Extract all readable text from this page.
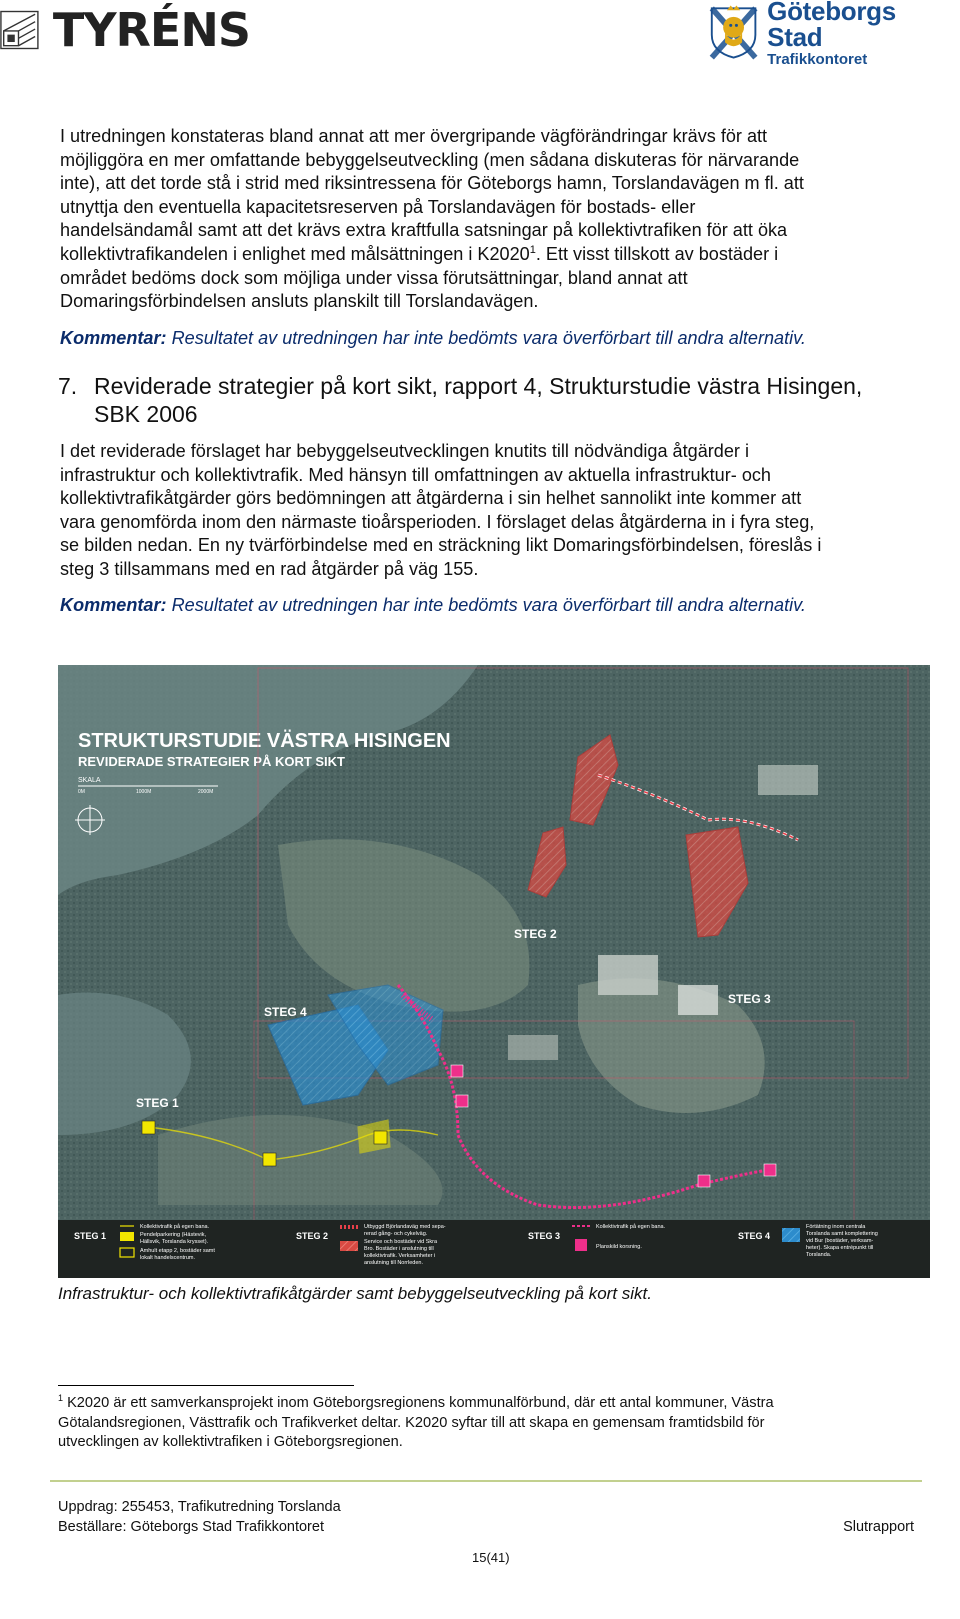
TYRÉNS	Göteborgs Stad
Trafikkontoret

I utredningen konstateras bland annat att mer övergripande vägförändringar krävs för att
möjliggöra en mer omfattande bebyggelseutveckling (men sådana diskuteras för närvarande
inte), att det torde stå i strid med riksintressena för Göteborgs hamn, Torslandavägen m fl. att
utnyttja den eventuella kapacitetsreserven på Torslandavägen för bostads- eller
handelsändamål samt att det krävs extra kraftfulla satsningar på kollektivtrafiken för att öka
kollektivtrafikandelen i enlighet med målsättningen i K2020$^1$. Ett visst tillskott av bostäder i
området bedöms dock som möjliga under vissa förutsättningar, bland annat att
Domaringsförbindelsen ansluts planskilt till Torslandavägen.

Kommentar: Resultatet av utredningen har inte bedömts vara överförbart till andra alternativ.

7. Reviderade strategier på kort sikt, rapport 4, Strukturstudie västra Hisingen,
SBK 2006

I det reviderade förslaget har bebyggelseutvecklingen knutits till nödvändiga åtgärder i
infrastruktur och kollektivtrafik. Med hänsyn till omfattningen av aktuella infrastruktur- och
kollektivtrafikåtgärder görs bedömningen att åtgärderna i sin helhet sannolikt inte kommer att
vara genomförda inom den närmaste tioårsperioden. I förslaget delas åtgärderna in i fyra steg,
se bilden nedan. En ny tvärförbindelse med en sträckning likt Domaringsförbindelsen, föreslås i
steg 3 tillsammans med en rad åtgärder på väg 155.

Kommentar: Resultatet av utredningen har inte bedömts vara överförbart till andra alternativ.

STRUKTURSTUDIE VÄSTRA HISINGEN
REVIDERADE STRATEGIER PÅ KORT SIKT
SKALA
0M	1000M	2000M
STEG 2
STEG 3
STEG 4
STEG 1
STEG 1
Kollektivtrafik på egen bana.
Pendelparkering (Hästevik,
Hällsvik, Torslanda krysset).
Amhult etapp 2, bostäder samt
lokalt handelscentrum.
STEG 2
Utbyggd Björlandaväg med sepa-
rerad gång- och cykelväg.
Service och bostäder vid Skra
Bro. Bostäder i anslutning till
kollektivtrafik. Verksamheter i
anslutning till Norrleden.
STEG 3
Kollektivtrafik på egen bana.
Planskild korsning.
STEG 4
Förtätning inom centrala
Torslanda samt komplettering
vid Bur (bostäder, verksam-
heter). Skapa entrépunkt till
Torslanda.
Infrastruktur- och kollektivtrafikåtgärder samt bebyggelseutveckling på kort sikt.

$^1$ K2020 är ett samverkansprojekt inom Göteborgsregionens kommunalförbund, där ett antal kommuner, Västra
Götalandsregionen, Västtrafik och Trafikverket deltar. K2020 syftar till att skapa en gemensam framtidsbild för
utvecklingen av kollektivtrafiken i Göteborgsregionen.

Uppdrag: 255453, Trafikutredning Torslanda
Beställare: Göteborgs Stad Trafikkontoret	Slutrapport
15(41)
